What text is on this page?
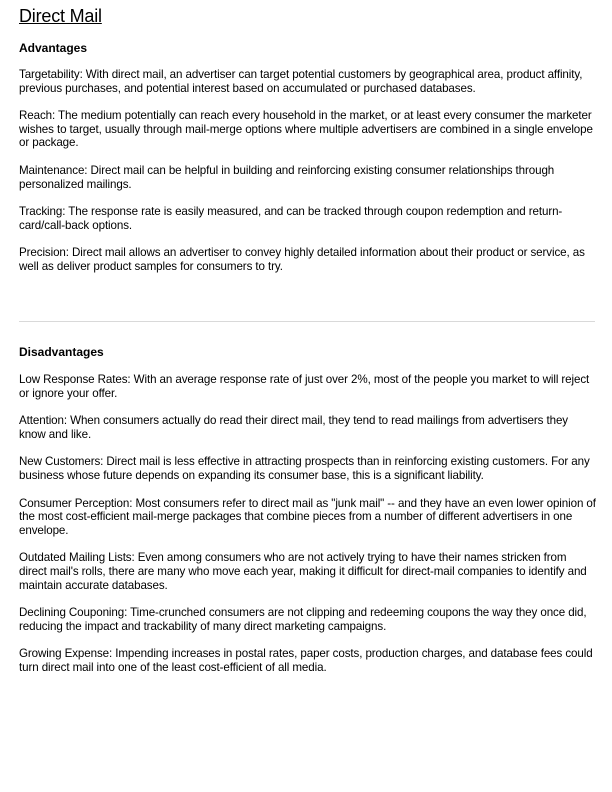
Direct Mail
Advantages

Targetability: With direct mail, an advertiser can target potential customers by geographical area, product affinity, previous purchases, and potential interest based on accumulated or purchased databases.

Reach: The medium potentially can reach every household in the market, or at least every consumer the marketer wishes to target, usually through mail-merge options where multiple advertisers are combined in a single envelope or package.

Maintenance: Direct mail can be helpful in building and reinforcing existing consumer relationships through personalized mailings.

Tracking: The response rate is easily measured, and can be tracked through coupon redemption and return-card/call-back options.

Precision: Direct mail allows an advertiser to convey highly detailed information about their product or service, as well as deliver product samples for consumers to try.

Disadvantages

Low Response Rates: With an average response rate of just over 2%, most of the people you market to will reject or ignore your offer.

Attention: When consumers actually do read their direct mail, they tend to read mailings from advertisers they know and like.

New Customers: Direct mail is less effective in attracting prospects than in reinforcing existing customers. For any business whose future depends on expanding its consumer base, this is a significant liability.

Consumer Perception: Most consumers refer to direct mail as "junk mail" -- and they have an even lower opinion of the most cost-efficient mail-merge packages that combine pieces from a number of different advertisers in one envelope.

Outdated Mailing Lists: Even among consumers who are not actively trying to have their names stricken from direct mail's rolls, there are many who move each year, making it difficult for direct-mail companies to identify and maintain accurate databases.

Declining Couponing: Time-crunched consumers are not clipping and redeeming coupons the way they once did, reducing the impact and trackability of many direct marketing campaigns.

Growing Expense: Impending increases in postal rates, paper costs, production charges, and database fees could turn direct mail into one of the least cost-efficient of all media.
